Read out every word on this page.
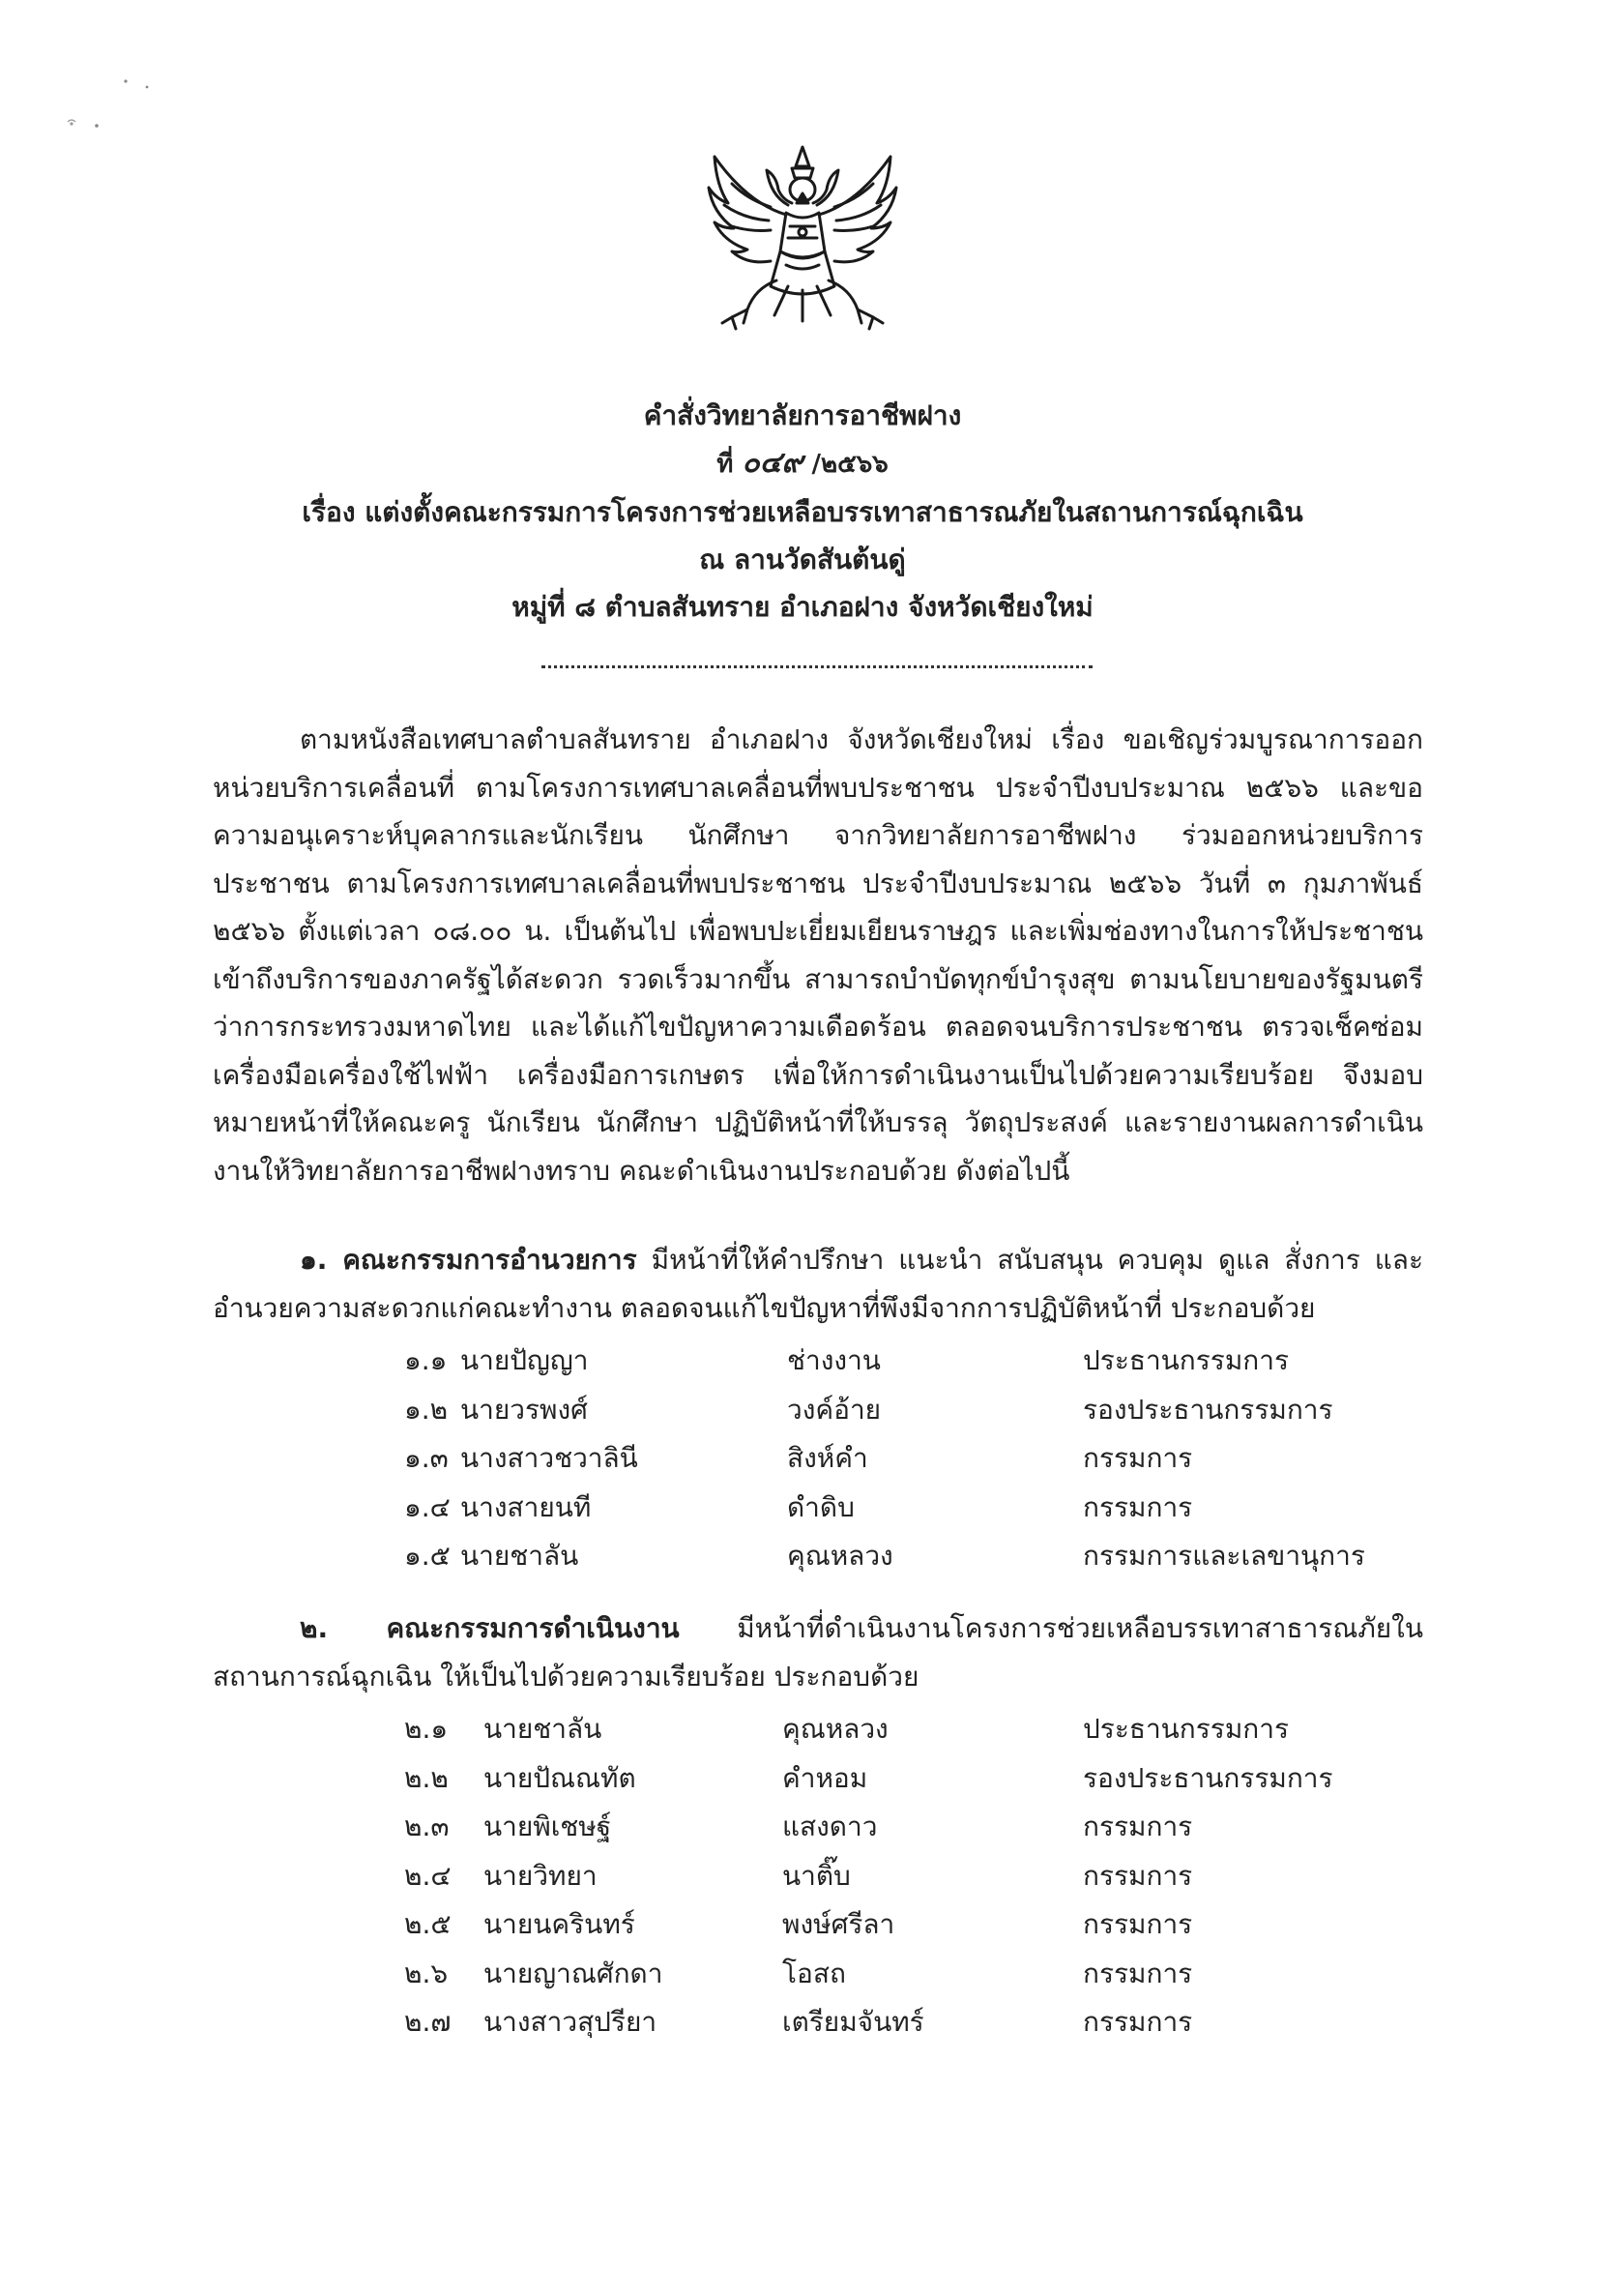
คำสั่งวิทยาลัยการอาชีพฝาง
ที่ ๐๔๙ /๒๕๖๖
เรื่อง แต่งตั้งคณะกรรมการโครงการช่วยเหลือบรรเทาสาธารณภัยในสถานการณ์ฉุกเฉิน
ณ ลานวัดสันต้นดู่
หมู่ที่ ๘ ตำบลสันทราย อำเภอฝาง จังหวัดเชียงใหม่

ตามหนังสือเทศบาลตำบลสันทราย อำเภอฝาง จังหวัดเชียงใหม่ เรื่อง ขอเชิญร่วมบูรณาการออกหน่วยบริการเคลื่อนที่ ตามโครงการเทศบาลเคลื่อนที่พบประชาชน ประจำปีงบประมาณ ๒๕๖๖ และขอความอนุเคราะห์บุคลากรและนักเรียน นักศึกษา จากวิทยาลัยการอาชีพฝาง ร่วมออกหน่วยบริการประชาชน ตามโครงการเทศบาลเคลื่อนที่พบประชาชน ประจำปีงบประมาณ ๒๕๖๖ วันที่ ๓ กุมภาพันธ์ ๒๕๖๖ ตั้งแต่เวลา ๐๘.๐๐ น. เป็นต้นไป เพื่อพบปะเยี่ยมเยียนราษฎร และเพิ่มช่องทางในการให้ประชาชนเข้าถึงบริการของภาครัฐได้สะดวก รวดเร็วมากขึ้น สามารถบำบัดทุกข์บำรุงสุข ตามนโยบายของรัฐมนตรีว่าการกระทรวงมหาดไทย และได้แก้ไขปัญหาความเดือดร้อน ตลอดจนบริการประชาชน ตรวจเช็คซ่อมเครื่องมือเครื่องใช้ไฟฟ้า เครื่องมือการเกษตร เพื่อให้การดำเนินงานเป็นไปด้วยความเรียบร้อย จึงมอบหมายหน้าที่ให้คณะครู นักเรียน นักศึกษา ปฏิบัติหน้าที่ให้บรรลุ วัตถุประสงค์ และรายงานผลการดำเนินงานให้วิทยาลัยการอาชีพฝางทราบ คณะดำเนินงานประกอบด้วย ดังต่อไปนี้

๑. คณะกรรมการอำนวยการ มีหน้าที่ให้คำปรึกษา แนะนำ สนับสนุน ควบคุม ดูแล สั่งการ และอำนวยความสะดวกแก่คณะทำงาน ตลอดจนแก้ไขปัญหาที่พึงมีจากการปฏิบัติหน้าที่ ประกอบด้วย

๑.๑ นายปัญญา	ช่างงาน	ประธานกรรมการ
๑.๒ นายวรพงศ์	วงค์อ้าย	รองประธานกรรมการ
๑.๓ นางสาวชวาลินี	สิงห์คำ	กรรมการ
๑.๔ นางสายนที	ดำดิบ	กรรมการ
๑.๕ นายชาลัน	คุณหลวง	กรรมการและเลขานุการ

๒. คณะกรรมการดำเนินงาน มีหน้าที่ดำเนินงานโครงการช่วยเหลือบรรเทาสาธารณภัยในสถานการณ์ฉุกเฉิน ให้เป็นไปด้วยความเรียบร้อย ประกอบด้วย

๒.๑ นายชาลัน	คุณหลวง	ประธานกรรมการ
๒.๒ นายปัณณทัต	คำหอม	รองประธานกรรมการ
๒.๓ นายพิเชษฐ์	แสงดาว	กรรมการ
๒.๔ นายวิทยา	นาติ๊บ	กรรมการ
๒.๕ นายนครินทร์	พงษ์ศรีลา	กรรมการ
๒.๖ นายญาณศักดา	โอสถ	กรรมการ
๒.๗ นางสาวสุปรียา	เตรียมจันทร์	กรรมการ
